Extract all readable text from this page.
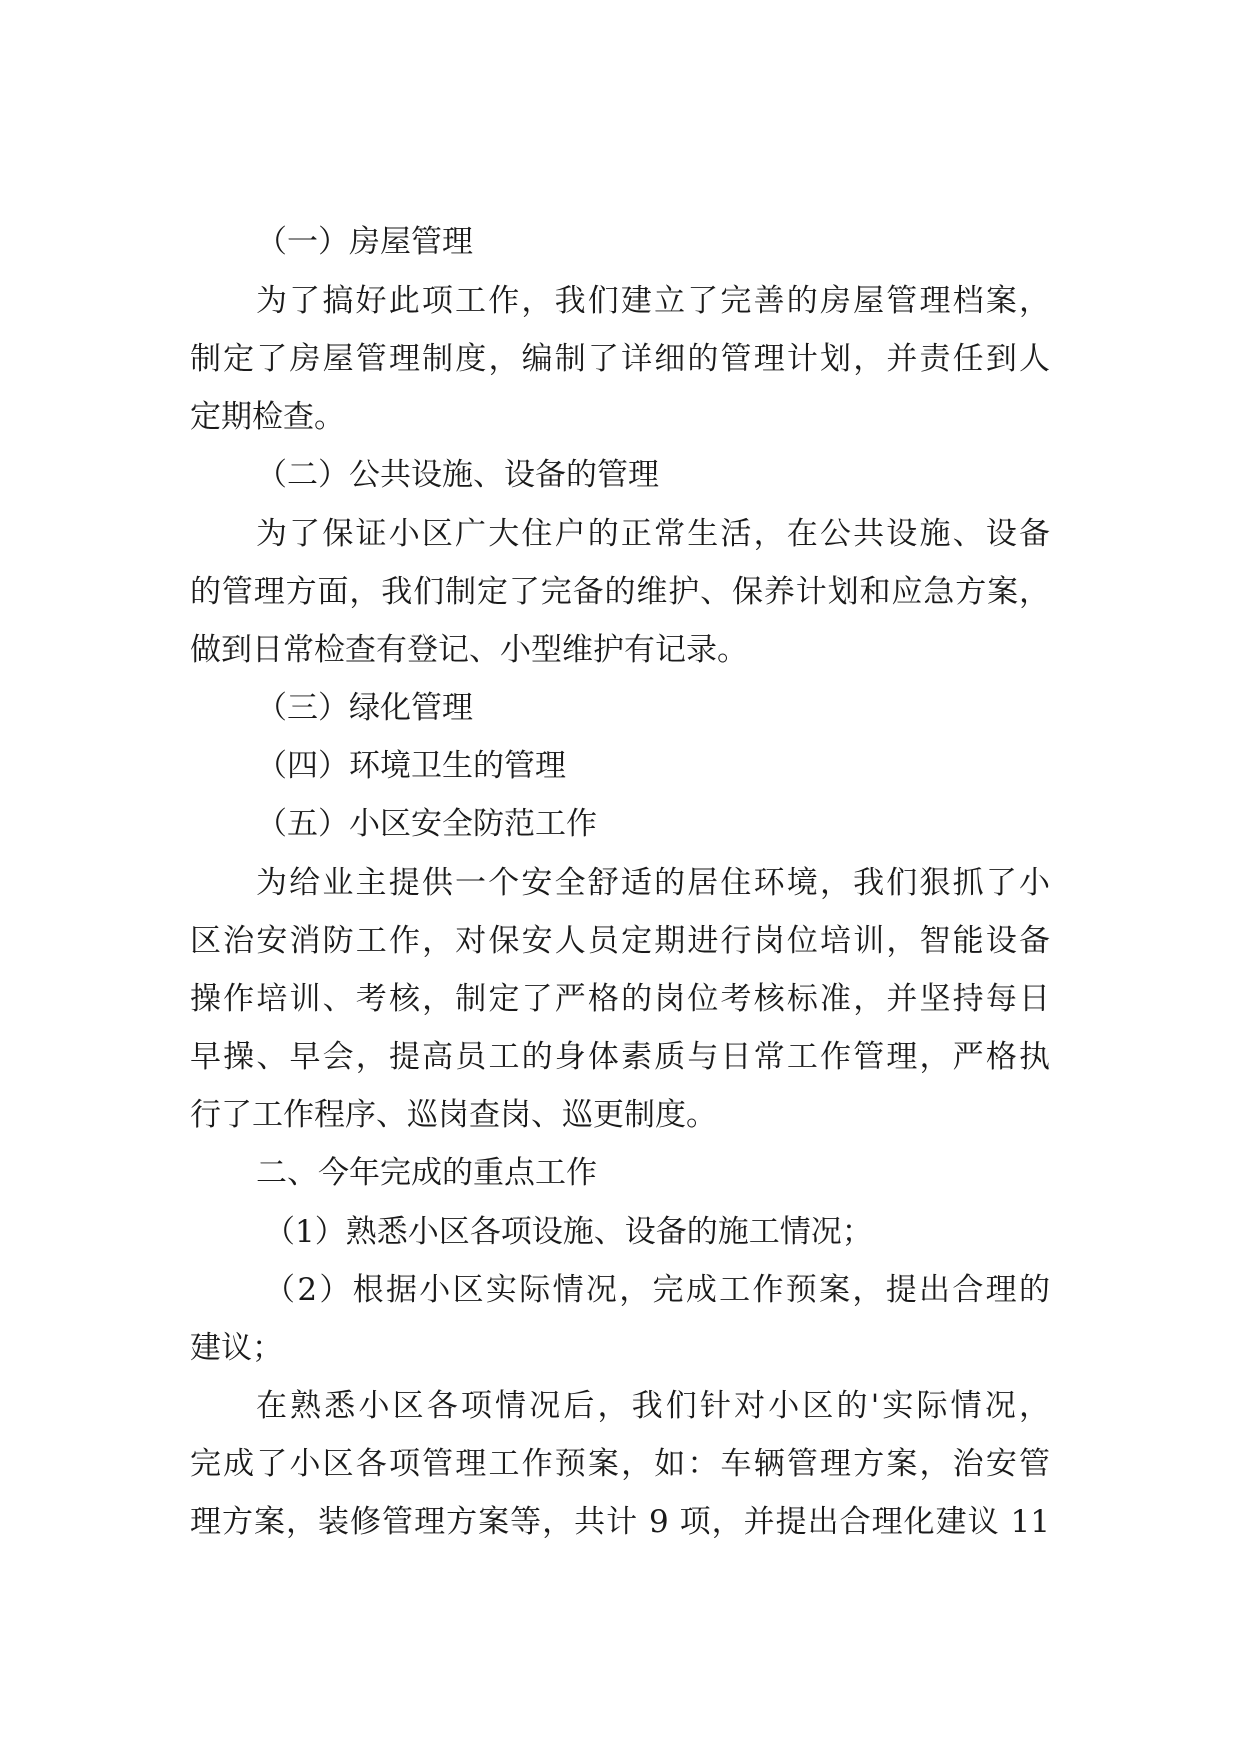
（一）房屋管理
为了搞好此项工作，我们建立了完善的房屋管理档案，
制定了房屋管理制度，编制了详细的管理计划，并责任到人
定期检查。
（二）公共设施、设备的管理
为了保证小区广大住户的正常生活，在公共设施、设备
的管理方面，我们制定了完备的维护、保养计划和应急方案，
做到日常检查有登记、小型维护有记录。
（三）绿化管理
（四）环境卫生的管理
（五）小区安全防范工作
为给业主提供一个安全舒适的居住环境，我们狠抓了小
区治安消防工作，对保安人员定期进行岗位培训，智能设备
操作培训、考核，制定了严格的岗位考核标准，并坚持每日
早操、早会，提高员工的身体素质与日常工作管理，严格执
行了工作程序、巡岗查岗、巡更制度。
二、今年完成的重点工作
（1）熟悉小区各项设施、设备的施工情况；
（2）根据小区实际情况，完成工作预案，提出合理的
建议；
在熟悉小区各项情况后，我们针对小区的'实际情况，
完成了小区各项管理工作预案，如：车辆管理方案，治安管
理方案，装修管理方案等，共计 9 项，并提出合理化建议 11
